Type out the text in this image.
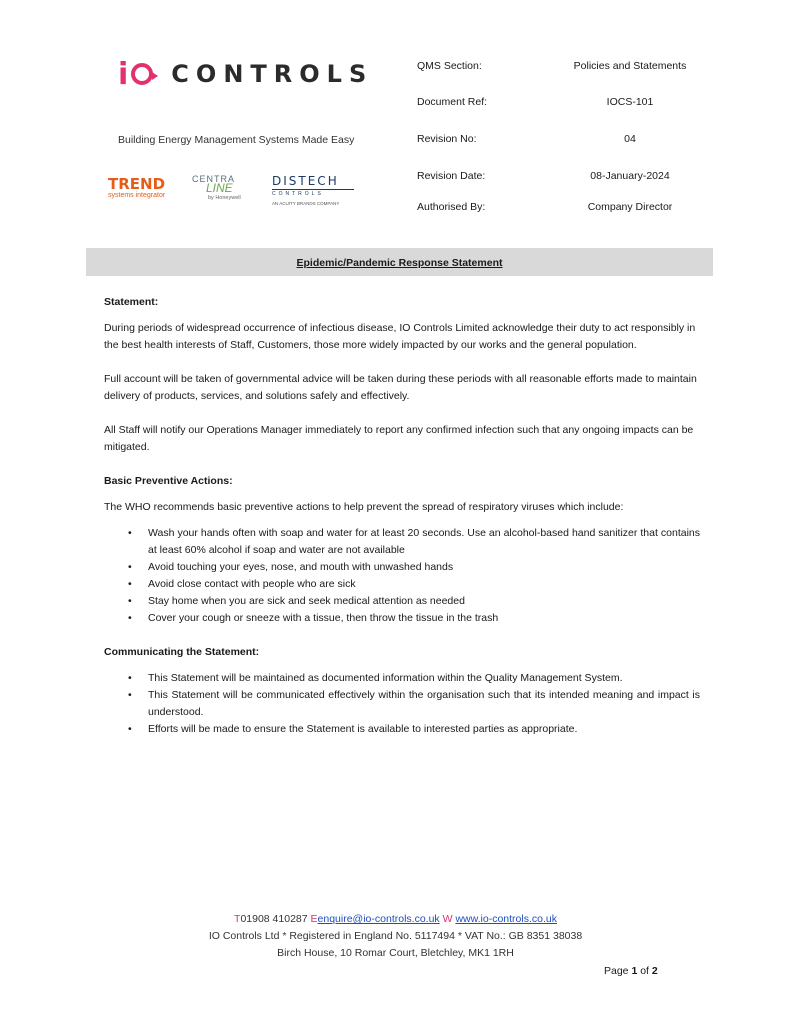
i CONTROLS
Building Energy Management Systems Made Easy
TREND
systems integrator
CENTRA
LINE
by Honeywell
DISTECH
CONTROLS
AN ACUITY BRANDS COMPANY
QMS Section:	Policies and Statements
Document Ref:	IOCS-101
Revision No:	04
Revision Date:	08-January-2024
Authorised By:	Company Director
Epidemic/Pandemic Response Statement

Statement:

During periods of widespread occurrence of infectious disease, IO Controls Limited acknowledge their duty to act responsibly in the best health interests of Staff, Customers, those more widely impacted by our works and the general population.

Full account will be taken of governmental advice will be taken during these periods with all reasonable efforts made to maintain delivery of products, services, and solutions safely and effectively.

All Staff will notify our Operations Manager immediately to report any confirmed infection such that any ongoing impacts can be mitigated.

Basic Preventive Actions:

The WHO recommends basic preventive actions to help prevent the spread of respiratory viruses which include:

• Wash your hands often with soap and water for at least 20 seconds. Use an alcohol-based hand sanitizer that contains at least 60% alcohol if soap and water are not available
• Avoid touching your eyes, nose, and mouth with unwashed hands
• Avoid close contact with people who are sick
• Stay home when you are sick and seek medical attention as needed
• Cover your cough or sneeze with a tissue, then throw the tissue in the trash

Communicating the Statement:

• This Statement will be maintained as documented information within the Quality Management System.
• This Statement will be communicated effectively within the organisation such that its intended meaning and impact is understood.
• Efforts will be made to ensure the Statement is available to interested parties as appropriate.
T01908 410287 Eenquire@io-controls.co.uk W www.io-controls.co.uk
IO Controls Ltd * Registered in England No. 5117494 * VAT No.: GB 8351 38038
Birch House, 10 Romar Court, Bletchley, MK1 1RH
Page 1 of 2
